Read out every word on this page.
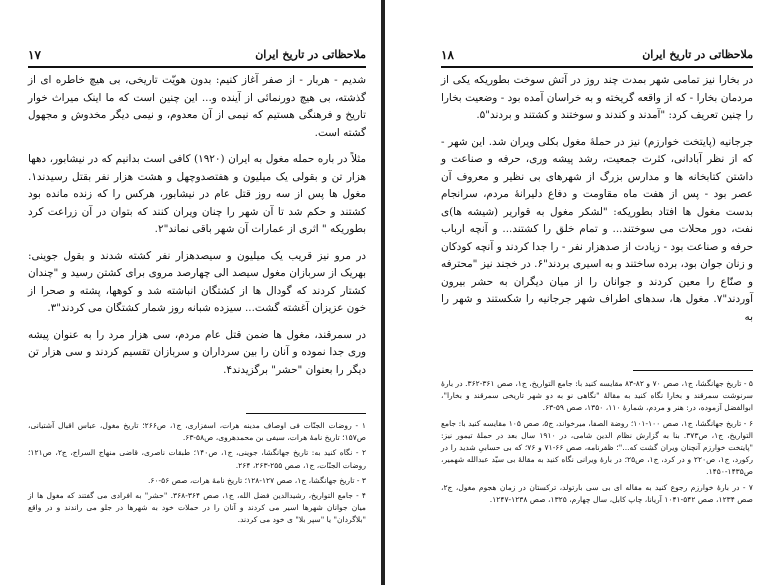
ملاحظاتی در تاریخ ایران
۱۷

شدیم - هربار - از صفر آغاز کنیم: بدون هویّت تاریخی، بی هیچ خاطره ای از گذشته، بی هیچ دورنمائی از آینده و... این چنین است که ما اینک میراث خوار تاریخ و فرهنگی هستیم که نیمی از آن معدوم، و نیمی دیگر مخدوش و مجهول گشته است.

مثلاً در باره حمله مغول به ایران (۱۹۲۰) کافی است بدانیم که در نیشابور، دهها هزار تن و بقولی یک میلیون و هفتصدوچهل و هشت هزار نفر بقتل رسیدند۱. مغول ها پس از سه روز قتل عام در نیشابور، هرکس را که زنده مانده بود کشتند و حکم شد تا آن شهر را چنان ویران کنند که بتوان در آن زراعت کرد بطوریکه " اثری از عمارات آن شهر باقی نماند"۲.

در مرو نیز قریب یک میلیون و سیصدهزار نفر کشته شدند و بقول جوینی: بهریک از سربازان مغول سیصد الی چهارصد مروی برای کشتن رسید و "چندان کشتار کردند که گودال ها از کشتگان انباشته شد و کوهها، پشته و صحرا از خون عزیزان آغشته گشت... سیزده شبانه روز شمار کشتگان می کردند"۳.

در سمرقند، مغول ها ضمن قتل عام مردم، سی هزار مرد را به عنوان پیشه وری جدا نموده و آنان را بین سرداران و سربازان تقسیم کردند و سی هزار تن دیگر را بعنوان "حشر" برگزیدند۴.

۱ - روضات الجنّات فی اوصاف مدینه هرات، اسفزاری، ج۱، ص۲۶۶؛ تاریخ مغول، عباس اقبال آشتیانی، ص۱۵۷؛ تاریخ نامهٔ هرات، سیفی بن محمدهروی، ص۵۸-۶۳.

۲ - نگاه کنید به: تاریخ جهانگشا، جوینی، ج۱، ص۱۴۰؛ طبقات ناصری، قاضی منهاج السراج، ج۲، ص۱۲۱؛ روضات الجنّات، ج۱، صص ۲۵۵-۲۶۳، ۲۶۴.

۳ - تاریخ جهانگشا، ج۱، صص ۱۲۷-۱۲۸؛ تاریخ نامهٔ هرات، صص ۵۶-۶۰.

۴ - جامع التواریخ، رشیدالدین فضل الله، ج۱، صص ۳۶۴-۳۶۸. "حشر" به افرادی می گفتند که مغول ها از میان جوانان شهرها اسیر می کردند و آنان را در حملات خود به شهرها در جلو می راندند و در واقع "بلاگردان" یا "سپر بلا" ی خود می کردند.

ملاحظاتی در تاریخ ایران
۱۸

در بخارا نیز تمامی شهر بمدت چند روز در آتش سوخت بطوریکه یکی از مردمان بخارا - که از واقعه گریخته و به خراسان آمده بود - وضعیت بخارا را چنین تعریف کرد: "آمدند و کندند و سوختند و کشتند و بردند"۵.

جرجانیه (پایتخت خوارزم) نیز در حملهٔ مغول بکلی ویران شد. این شهر - که از نظر آبادانی، کثرت جمعیت، رشد پیشه وری، حرفه و صناعت و داشتن کتابخانه ها و مدارس بزرگ از شهرهای بی نظیر و معروف آن عصر بود - پس از هفت ماه مقاومت و دفاع دلیرانهٔ مردم، سرانجام بدست مغول ها افتاد بطوریکه: "لشکر مغول به قواریر (شیشه ها)ی نفت، دور محلات می سوختند... و تمام خلق را کشتند... و آنچه ارباب حرفه و صناعت بود - زیادت از صدهزار نفر - را جدا کردند و آنچه کودکان و زنان جوان بود، برده ساختند و به اسیری بردند"۶. در خجند نیز "محترفه و صنّاع را معین کردند و جوانان را از میان دیگران به حشر بیرون آوردند"۷. مغول ها، سدهای اطراف شهر جرجانیه را شکستند و شهر را به

۵ - تاریخ جهانگشا، ج۱، صص ۷۰ و ۸۲-۸۳ مقایسه کنید با: جامع التواریخ، ج۱، صص ۳۶۱-۳۶۲. در بارهٔ سرنوشت سمرقند و بخارا نگاه کنید به مقالهٔ "نگاهی نو به دو شهر تاریخی سمرقند و بخارا"، ابوالفضل آزموده، در: هنر و مردم، شمارهٔ ۱۱۰، ۱۳۵۰، صص ۵۹-۶۳.

۶ - تاریخ جهانگشا، ج۱، صص ۱۰۰-۱۰۱؛ روضة الصفا، میرخواند، ج۵، صص ۱۰۵ مقایسه کنید با: جامع التواریخ، ج۱، ص۳۷۳. بنا به گزارش نظام الدین شامی، در ۱۹۱۰ سال بعد در حملهٔ تیمور نیز: "پایتخت خوارزم آنچنان ویران گشت که..."؛ ظفرنامه، صص ۶۶-۷۱ و ۷۶؛ که بی حسابیِ شدید را در رکورد، ج۱، ص۲۲۰ و در کرد، ج۱، ص۲۵؛ در بارهٔ ویرانی نگاه کنید به مقالهٔ بی سیّد عبدالله شهمیر، ص۱۴۳۵-۱۴۵۰.

۷ - در بارهٔ خوارزم رجوع کنید به مقاله ای بی سی بارتولد، ترکستان در زمان هجوم مغول، ج۲، صص ۱۲۳۴، صص ۵۴۲-۱۰۴۱ آریانا، چاپ کابل، سال چهارم، ۱۳۲۵، صص ۱۲۳۸-۱۲۴۷.
